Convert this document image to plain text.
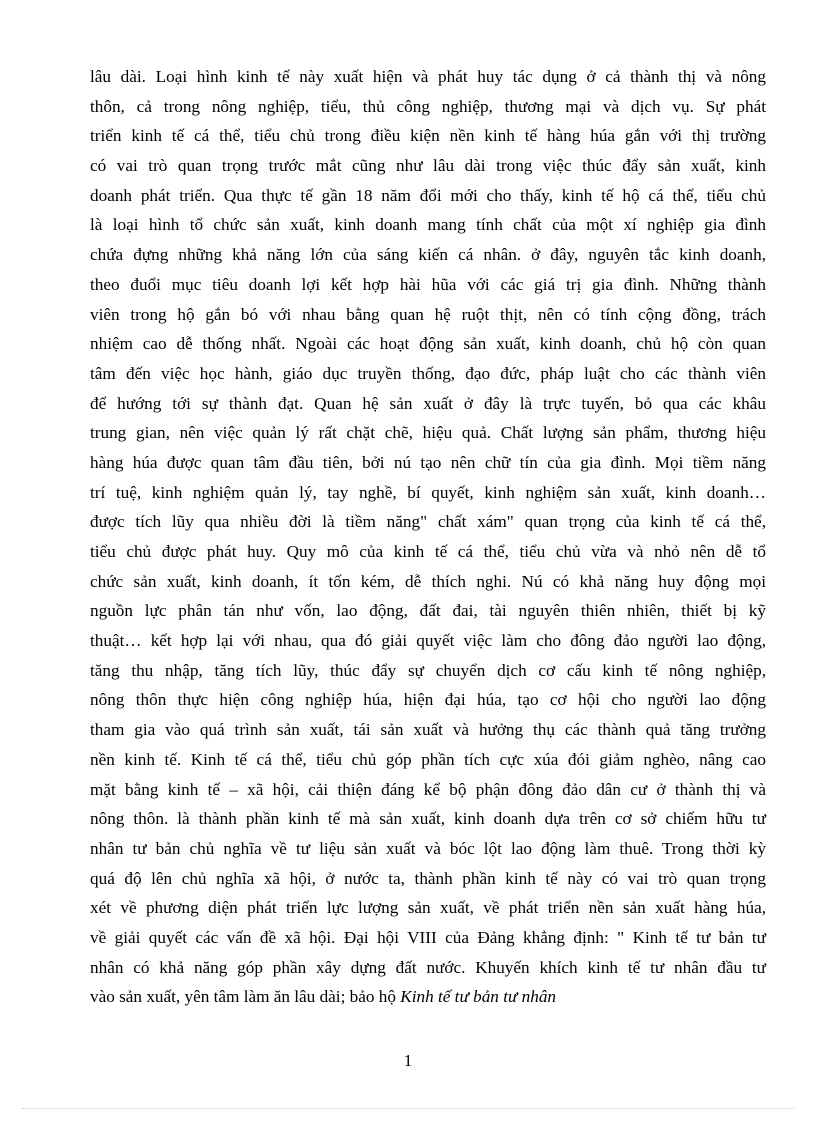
lâu dài. Loại hình kinh tế này xuất hiện và phát huy tác dụng ở cả thành thị và nông
thôn, cả trong nông nghiệp, tiểu, thủ công nghiệp, thương mại và dịch vụ. Sự phát
triển kinh tế cá thể, tiểu chủ trong điều kiện nền kinh tế hàng húa gắn với thị trường
có vai trò quan trọng trước mắt cũng như lâu dài trong việc thúc đẩy sản xuất, kinh
doanh phát triển. Qua thực tế gần 18 năm đổi mới cho thấy, kinh tế hộ cá thể, tiểu chủ
là loại hình tổ chức sản xuất, kinh doanh mang tính chất của một xí nghiệp gia đình
chứa đựng những khả năng lớn của sáng kiến cá nhân. ở đây, nguyên tắc kinh doanh,
theo đuổi mục tiêu doanh lợi kết hợp hài hũa với các giá trị gia đình. Những thành
viên trong hộ gắn bó với nhau bằng quan hệ ruột thịt, nên có tính cộng đồng, trách
nhiệm cao dễ thống nhất. Ngoài các hoạt động sản xuất, kinh doanh, chủ hộ còn quan
tâm đến việc học hành, giáo dục truyền thống, đạo đức, pháp luật cho các thành viên
để hướng tới sự thành đạt. Quan hệ sản xuất ở đây là trực tuyến, bỏ qua các khâu
trung gian, nên việc quản lý rất chặt chẽ, hiệu quả. Chất lượng sản phẩm, thương hiệu
hàng húa được quan tâm đầu tiên, bởi nú tạo nên chữ tín của gia đình. Mọi tiềm năng
trí tuệ, kinh nghiệm quản lý, tay nghề, bí quyết, kinh nghiệm sản xuất, kinh doanh…
được tích lũy qua nhiều đời là tiềm năng" chất xám" quan trọng của kinh tế cá thể,
tiểu chủ được phát huy. Quy mô của kinh tế cá thể, tiểu chủ vừa và nhỏ nên dễ tổ
chức sản xuất, kinh doanh, ít tốn kém, dễ thích nghi. Nú có khả năng huy động mọi
nguồn lực phân tán như vốn, lao động, đất đai, tài nguyên thiên nhiên, thiết bị kỹ
thuật… kết hợp lại với nhau, qua đó giải quyết việc làm cho đông đảo người lao động,
tăng thu nhập, tăng tích lũy, thúc đẩy sự chuyển dịch cơ cấu kinh tế nông nghiệp,
nông thôn thực hiện công nghiệp húa, hiện đại húa, tạo cơ hội cho người lao động
tham gia vào quá trình sản xuất, tái sản xuất và hưởng thụ các thành quả tăng trưởng
nền kinh tế. Kinh tế cá thể, tiểu chủ góp phần tích cực xúa đói giảm nghèo, nâng cao
mặt bằng kinh tế – xã hội, cải thiện đáng kể bộ phận đông đảo dân cư ở thành thị và
nông thôn. là thành phần kinh tế mà sản xuất, kinh doanh dựa trên cơ sở chiếm hữu tư
nhân tư bản chủ nghĩa về tư liệu sản xuất và bóc lột lao động làm thuê. Trong thời kỳ
quá độ lên chủ nghĩa xã hội, ở nước ta, thành phần kinh tế này có vai trò quan trọng
xét về phương diện phát triển lực lượng sản xuất, về phát triển nền sản xuất hàng húa,
về giải quyết các vấn đề xã hội. Đại hội VIII của Đảng khẳng định: " Kinh tế tư bản tư
nhân có khả năng góp phần xây dựng đất nước. Khuyến khích kinh tế tư nhân đầu tư
vào sản xuất, yên tâm làm ăn lâu dài; bảo hộ Kinh tế tư bản tư nhân
1
